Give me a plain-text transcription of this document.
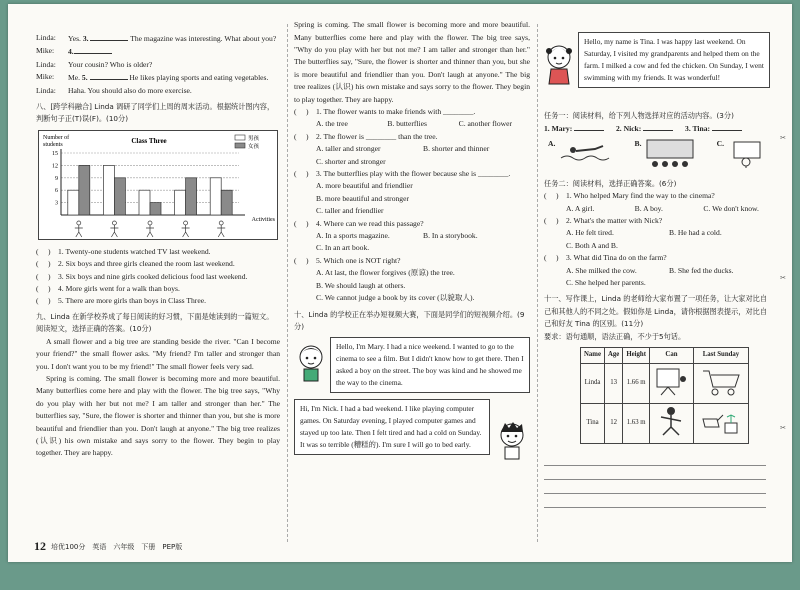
Linda:	Yes. 3.	The magazine was interesting. What about you?
Mike:	4.
Linda:	Your cousin? Who is older?
Mike:	Me. 5.	He likes playing sports and eating vegetables.
Linda:	Haha. You should also do more exercise.
八、[跨学科融合] Linda 调研了同学们上周的周末活动。根据统计图内容，判断句子正(T)误(F)。(10分)
Number of
students	Class Three
3
6
9
12
15
男孩
女孩
Activities
(　 ) 1. Twenty-one students watched TV last weekend.
(　 ) 2. Six boys and three girls cleaned the room last weekend.
(　 ) 3. Six boys and nine girls cooked delicious food last weekend.
(　 ) 4. More girls went for a walk than boys.
(　 ) 5. There are more girls than boys in Class Three.
九、Linda 在新学校养成了每日阅读的好习惯，下面是她读到的一篇短文。阅读短文，选择正确的答案。(10分)
A small flower and a big tree are standing beside the river. "Can I become your friend?" the small flower asks. "My friend? I'm taller and stronger than you. I don't want you to be my friend!" The small flower feels very sad.
Spring is coming. The small flower is becoming more and more beautiful. Many butterflies come here and play with the flower. The big tree says, "Why do you play with her but not me? I am taller and stronger than her." The butterflies say, "Sure, the flower is shorter and thinner than you, but she is more beautiful and friendlier than you. Don't laugh at anyone." The big tree realizes (认识) his own mistake and says sorry to the flower. They begin to play together. They are happy.
Spring is coming. The small flower is becoming more and more beautiful. Many butterflies come here and play with the flower. The big tree says, "Why do you play with her but not me? I am taller and stronger than her." The butterflies say, "Sure, the flower is shorter and thinner than you, but she is more beautiful and friendlier than you. Don't laugh at anyone." The big tree realizes (认识) his own mistake and says sorry to the flower. They begin to play together. They are happy.
(　 ) 1. The flower wants to make friends with ________.
A. the tree	B. butterflies	C. another flower
(　 ) 2. The flower is ________ than the tree.
A. taller and stronger	B. shorter and thinner
C. shorter and stronger
(　 ) 3. The butterflies play with the flower because she is ________.
A. more beautiful and friendlier
B. more beautiful and stronger
C. taller and friendlier
(　 ) 4. Where can we read this passage?
A. In a sports magazine.	B. In a storybook.
C. In an art book.
(　 ) 5. Which one is NOT right?
A. At last, the flower forgives (原谅) the tree.
B. We should laugh at others.
C. We cannot judge a book by its cover (以貌取人).
十、Linda 的学校正在举办短视频大赛，下面是同学们的短视频介绍。(9分)
Hello, I'm Mary. I had a nice weekend. I wanted to go to the cinema to see a film. But I didn't know how to get there. Then I asked a boy on the street. The boy was kind and he showed me the way to the cinema.
Hi, I'm Nick. I had a bad weekend. I like playing computer games. On Saturday evening, I played computer games and stayed up too late. Then I felt tired and had a cold on Sunday. It was so terrible (糟糕的). I'm sure I will go to bed early.
Hello, my name is Tina. I was happy last weekend. On Saturday, I visited my grandparents and helped them on the farm. I milked a cow and fed the chicken. On Sunday, I went swimming with my friends. It was wonderful!
任务一：阅读材料，给下列人物选择对应的活动内容。(3分)
1. Mary:	2. Nick:	3. Tina:
A.	B.	C.
任务二：阅读材料，选择正确答案。(6分)
(　 ) 1. Who helped Mary find the way to the cinema?
A. A girl.	B. A boy.	C. We don't know.
(　 ) 2. What's the matter with Nick?
A. He felt tired.	B. He had a cold.
C. Both A and B.
(　 ) 3. What did Tina do on the farm?
A. She milked the cow.	B. She fed the ducks.
C. She helped her parents.
十一、写作课上，Linda 的老师给大家布置了一项任务，让大家对比自己和其他人的不同之处。假如你是 Linda，请你根据图表提示，对比自己和好友 Tina 的区别。(11分)
要求：语句通顺，语法正确，不少于5句话。
Name	Age	Height	Can	Last Sunday
Linda	13	1.66 m		
Tina	12	1.63 m		
✂
✂
✂
12 培优100分　英语　六年级　下册　PEP版
